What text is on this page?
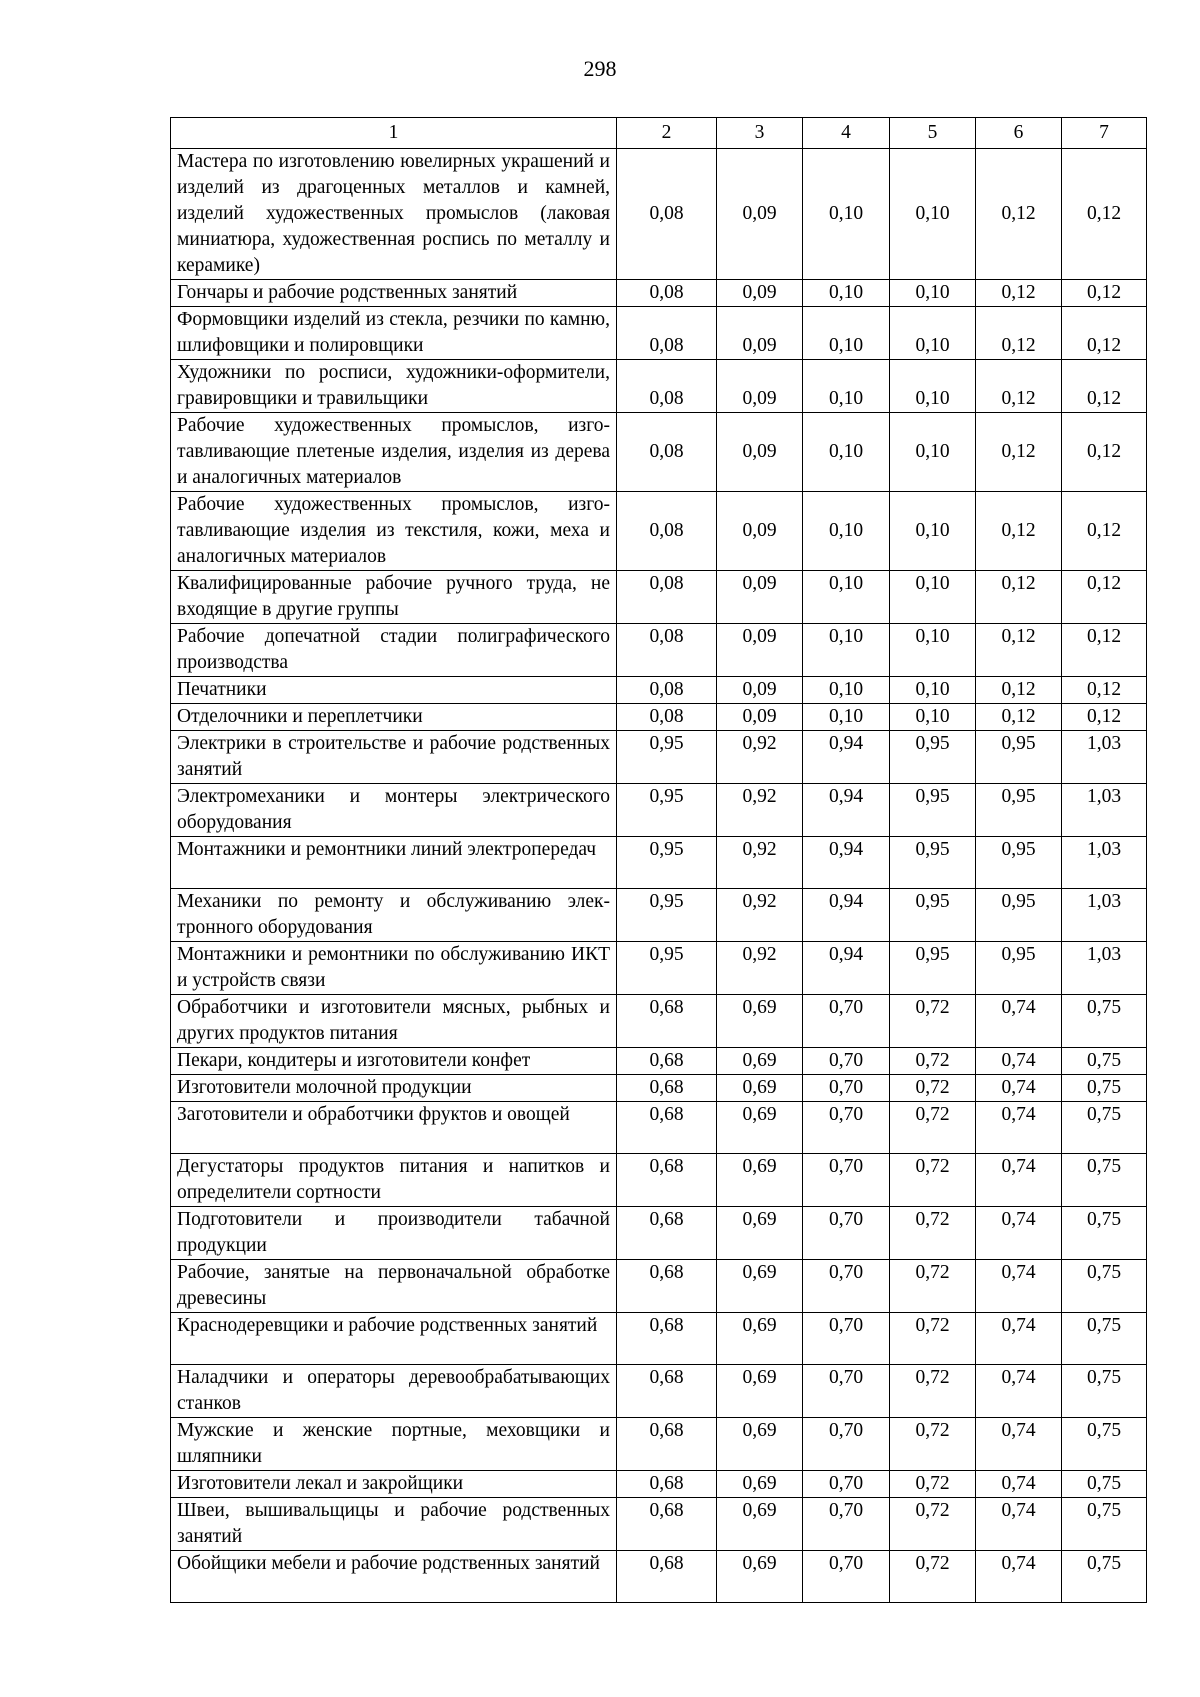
298
1	2	3	4	5	6	7
Мастера по изготовлению ювелирных украшений и изделий из драгоценных металлов и камней, изделий художественных промыслов (лаковая миниатюра, художественная роспись по металлу и керамике)	0,08	0,09	0,10	0,10	0,12	0,12
Гончары и рабочие родственных занятий	0,08	0,09	0,10	0,10	0,12	0,12
Формовщики изделий из стекла, резчики по камню, шлифовщики и полировщики	0,08	0,09	0,10	0,10	0,12	0,12
Художники по росписи, художники-оформители, гравировщики и травильщики	0,08	0,09	0,10	0,10	0,12	0,12
Рабочие художественных промыслов, изготавливающие плетеные изделия, изделия из дерева и аналогичных материалов	0,08	0,09	0,10	0,10	0,12	0,12
Рабочие художественных промыслов, изготавливающие изделия из текстиля, кожи, меха и аналогичных материалов	0,08	0,09	0,10	0,10	0,12	0,12
Квалифицированные рабочие ручного труда, не входящие в другие группы	0,08	0,09	0,10	0,10	0,12	0,12
Рабочие допечатной стадии полиграфического производства	0,08	0,09	0,10	0,10	0,12	0,12
Печатники	0,08	0,09	0,10	0,10	0,12	0,12
Отделочники и переплетчики	0,08	0,09	0,10	0,10	0,12	0,12
Электрики в строительстве и рабочие родственных занятий	0,95	0,92	0,94	0,95	0,95	1,03
Электромеханики и монтеры электрического оборудования	0,95	0,92	0,94	0,95	0,95	1,03
Монтажники и ремонтники линий электропередач	0,95	0,92	0,94	0,95	0,95	1,03
Механики по ремонту и обслуживанию электронного оборудования	0,95	0,92	0,94	0,95	0,95	1,03
Монтажники и ремонтники по обслуживанию ИКТ и устройств связи	0,95	0,92	0,94	0,95	0,95	1,03
Обработчики и изготовители мясных, рыбных и других продуктов питания	0,68	0,69	0,70	0,72	0,74	0,75
Пекари, кондитеры и изготовители конфет	0,68	0,69	0,70	0,72	0,74	0,75
Изготовители молочной продукции	0,68	0,69	0,70	0,72	0,74	0,75
Заготовители и обработчики фруктов и овощей	0,68	0,69	0,70	0,72	0,74	0,75
Дегустаторы продуктов питания и напитков и определители сортности	0,68	0,69	0,70	0,72	0,74	0,75
Подготовители и производители табачной продукции	0,68	0,69	0,70	0,72	0,74	0,75
Рабочие, занятые на первоначальной обработке древесины	0,68	0,69	0,70	0,72	0,74	0,75
Краснодеревщики и рабочие родственных занятий	0,68	0,69	0,70	0,72	0,74	0,75
Наладчики и операторы деревообрабатывающих станков	0,68	0,69	0,70	0,72	0,74	0,75
Мужские и женские портные, меховщики и шляпники	0,68	0,69	0,70	0,72	0,74	0,75
Изготовители лекал и закройщики	0,68	0,69	0,70	0,72	0,74	0,75
Швеи, вышивальщицы и рабочие родственных занятий	0,68	0,69	0,70	0,72	0,74	0,75
Обойщики мебели и рабочие родственных занятий	0,68	0,69	0,70	0,72	0,74	0,75
